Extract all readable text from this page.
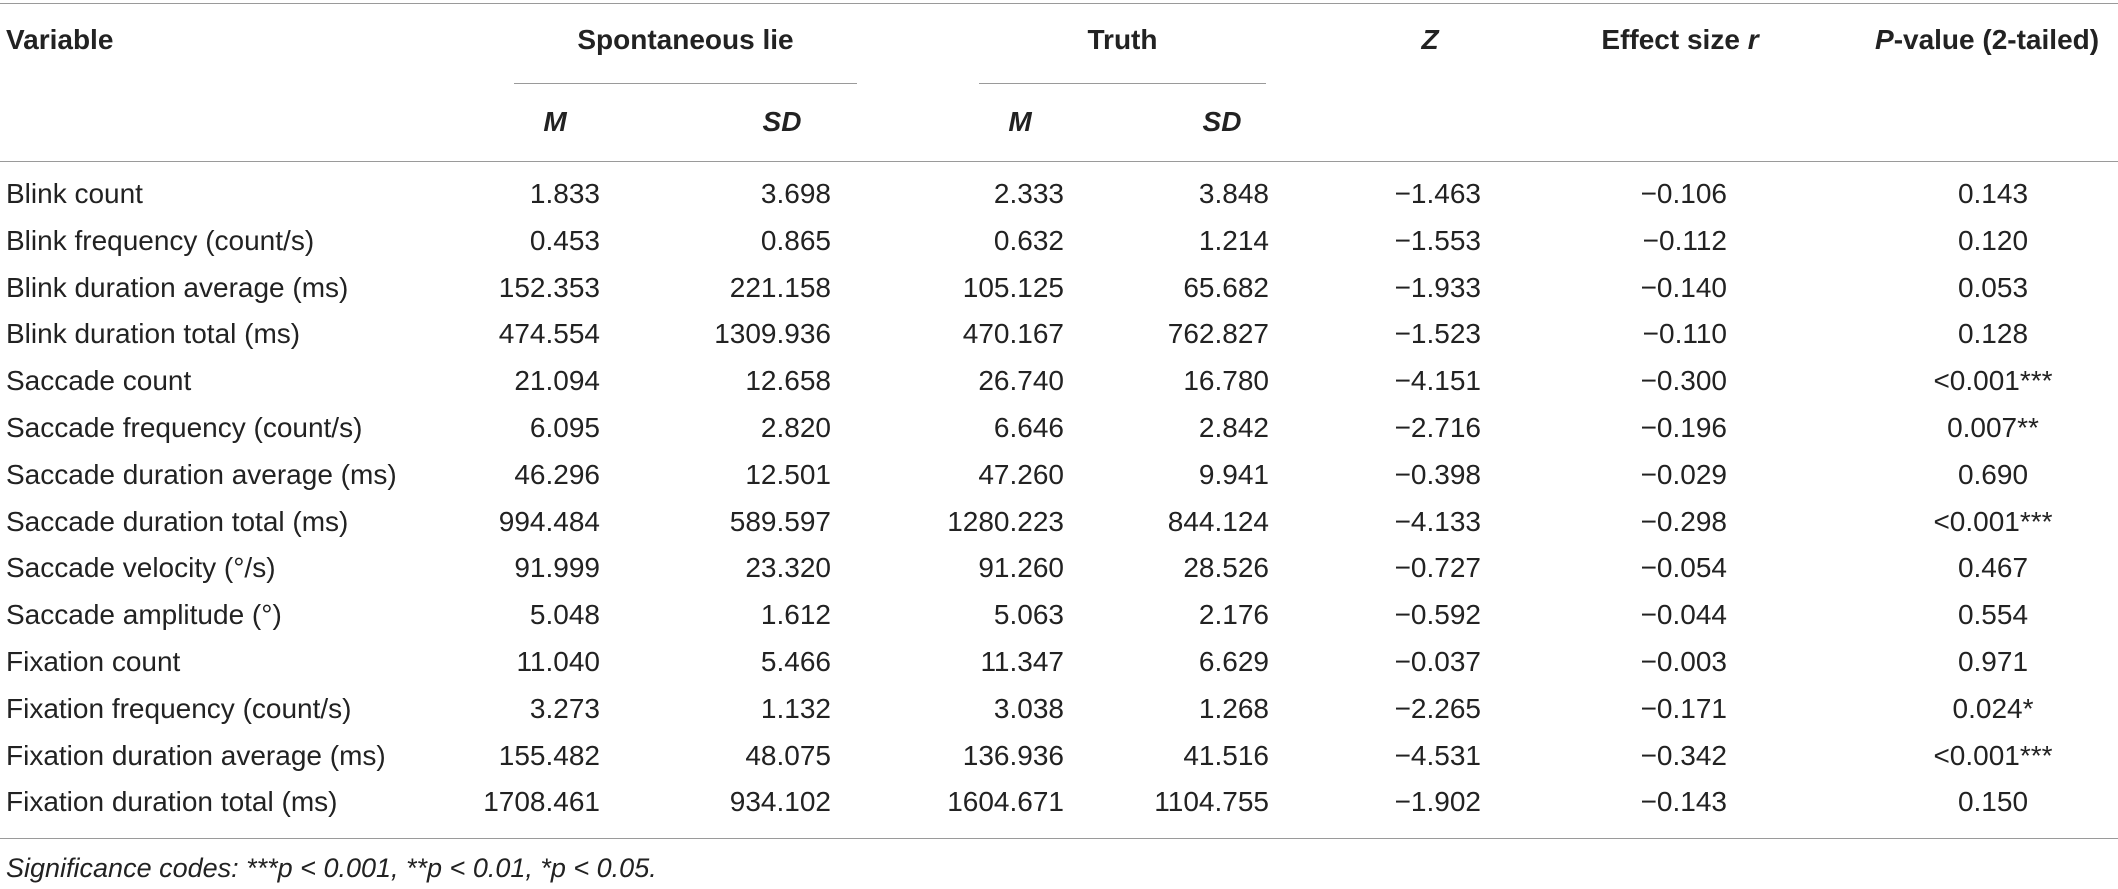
Variable	Spontaneous lie	Truth	Z	Effect size r	P-value (2-tailed)
M	SD	M	SD
Blink count	1.833	3.698	2.333	3.848	−1.463	−0.106	0.143
Blink frequency (count/s)	0.453	0.865	0.632	1.214	−1.553	−0.112	0.120
Blink duration average (ms)	152.353	221.158	105.125	65.682	−1.933	−0.140	0.053
Blink duration total (ms)	474.554	1309.936	470.167	762.827	−1.523	−0.110	0.128
Saccade count	21.094	12.658	26.740	16.780	−4.151	−0.300	<0.001***
Saccade frequency (count/s)	6.095	2.820	6.646	2.842	−2.716	−0.196	0.007**
Saccade duration average (ms)	46.296	12.501	47.260	9.941	−0.398	−0.029	0.690
Saccade duration total (ms)	994.484	589.597	1280.223	844.124	−4.133	−0.298	<0.001***
Saccade velocity (°/s)	91.999	23.320	91.260	28.526	−0.727	−0.054	0.467
Saccade amplitude (°)	5.048	1.612	5.063	2.176	−0.592	−0.044	0.554
Fixation count	11.040	5.466	11.347	6.629	−0.037	−0.003	0.971
Fixation frequency (count/s)	3.273	1.132	3.038	1.268	−2.265	−0.171	0.024*
Fixation duration average (ms)	155.482	48.075	136.936	41.516	−4.531	−0.342	<0.001***
Fixation duration total (ms)	1708.461	934.102	1604.671	1104.755	−1.902	−0.143	0.150
Significance codes: ***p < 0.001, **p < 0.01, *p < 0.05.
